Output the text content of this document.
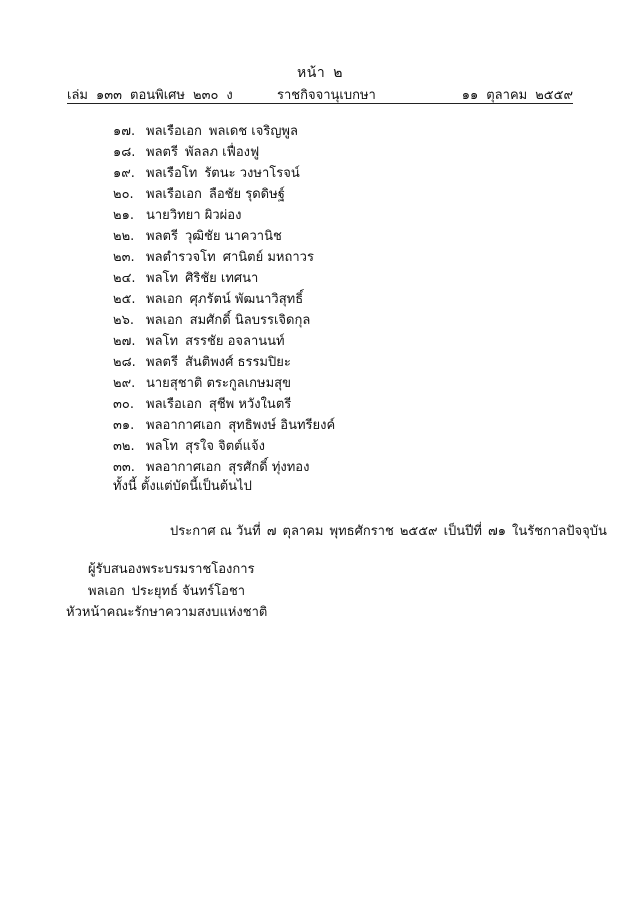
หน้า ๒
เล่ม ๑๓๓ ตอนพิเศษ ๒๓๐ ง	ราชกิจจานุเบกษา	๑๑ ตุลาคม ๒๕๕๙
๑๗. พลเรือเอก พลเดช เจริญพูล
๑๘. พลตรี พัลลภ เฟื่องฟู
๑๙. พลเรือโท รัตนะ วงษาโรจน์
๒๐. พลเรือเอก ลือชัย รุดดิษฐ์
๒๑. นายวิทยา ผิวผ่อง
๒๒. พลตรี วุฒิชัย นาควานิช
๒๓. พลตำรวจโท ศานิตย์ มหถาวร
๒๔. พลโท ศิริชัย เทศนา
๒๕. พลเอก ศุภรัตน์ พัฒนาวิสุทธิ์
๒๖. พลเอก สมศักดิ์ นิลบรรเจิดกุล
๒๗. พลโท สรรชัย อจลานนท์
๒๘. พลตรี สันติพงศ์ ธรรมปิยะ
๒๙. นายสุชาติ ตระกูลเกษมสุข
๓๐. พลเรือเอก สุชีพ หวังในตรี
๓๑. พลอากาศเอก สุทธิพงษ์ อินทรียงค์
๓๒. พลโท สุรใจ จิตต์แจ้ง
๓๓. พลอากาศเอก สุรศักดิ์ ทุ่งทอง
ทั้งนี้ ตั้งแต่บัดนี้เป็นต้นไป
ประกาศ ณ วันที่ ๗ ตุลาคม พุทธศักราช ๒๕๕๙ เป็นปีที่ ๗๑ ในรัชกาลปัจจุบัน
ผู้รับสนองพระบรมราชโองการ
พลเอก ประยุทธ์ จันทร์โอชา
หัวหน้าคณะรักษาความสงบแห่งชาติ
